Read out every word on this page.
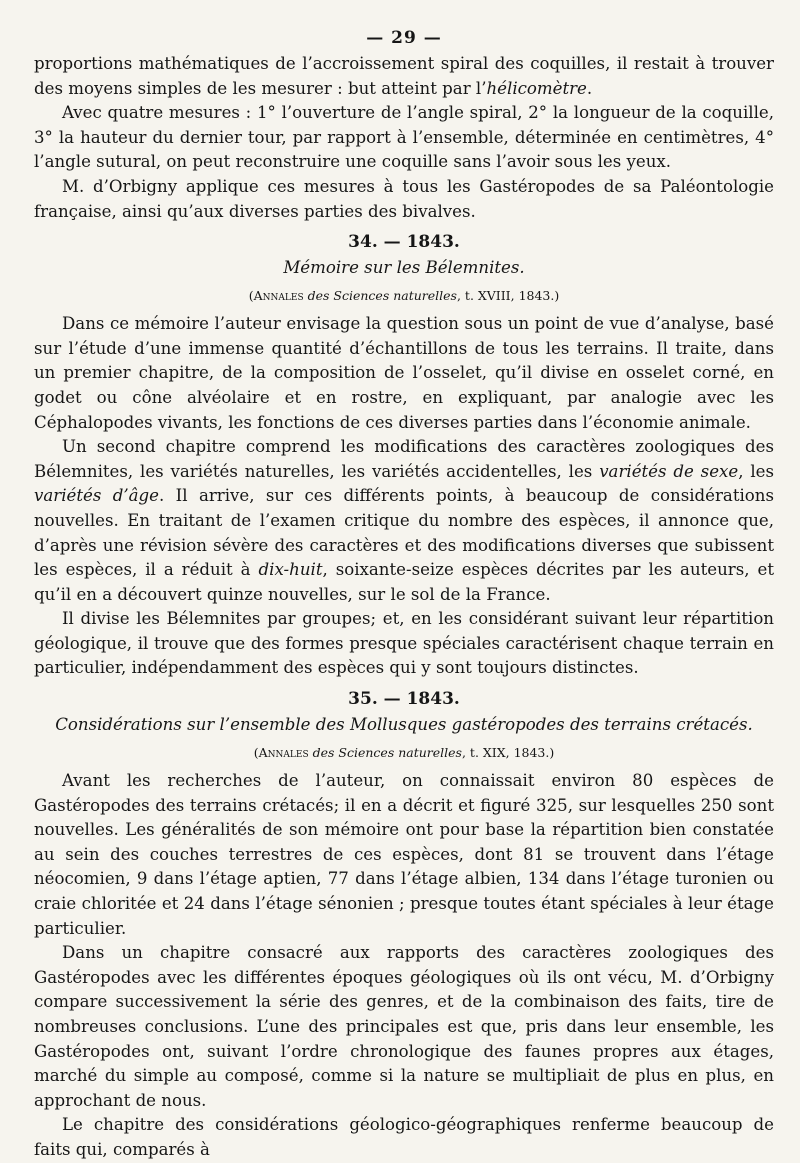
— 29 —

proportions mathématiques de l’accroissement spiral des coquilles, il restait à trouver des moyens simples de les mesurer : but atteint par l’hélicomètre.

Avec quatre mesures : 1° l’ouverture de l’angle spiral, 2° la longueur de la coquille, 3° la hauteur du dernier tour, par rapport à l’ensemble, déterminée en centimètres, 4° l’angle sutural, on peut reconstruire une coquille sans l’avoir sous les yeux.

M. d’Orbigny applique ces mesures à tous les Gastéropodes de sa Paléontologie française, ainsi qu’aux diverses parties des bivalves.

34. — 1843.
Mémoire sur les Bélemnites.
(Annales des Sciences naturelles, t. XVIII, 1843.)

Dans ce mémoire l’auteur envisage la question sous un point de vue d’analyse, basé sur l’étude d’une immense quantité d’échantillons de tous les terrains. Il traite, dans un premier chapitre, de la composition de l’osselet, qu’il divise en osselet corné, en godet ou cône alvéolaire et en rostre, en expliquant, par analogie avec les Céphalopodes vivants, les fonctions de ces diverses parties dans l’économie animale.

Un second chapitre comprend les modifications des caractères zoologiques des Bélemnites, les variétés naturelles, les variétés accidentelles, les variétés de sexe, les variétés d’âge. Il arrive, sur ces différents points, à beaucoup de considérations nouvelles. En traitant de l’examen critique du nombre des espèces, il annonce que, d’après une révision sévère des caractères et des modifications diverses que subissent les espèces, il a réduit à dix-huit, soixante-seize espèces décrites par les auteurs, et qu’il en a découvert quinze nouvelles, sur le sol de la France.

Il divise les Bélemnites par groupes; et, en les considérant suivant leur répartition géologique, il trouve que des formes presque spéciales caractérisent chaque terrain en particulier, indépendamment des espèces qui y sont toujours distinctes.

35. — 1843.
Considérations sur l’ensemble des Mollusques gastéropodes des terrains crétacés.
(Annales des Sciences naturelles, t. XIX, 1843.)

Avant les recherches de l’auteur, on connaissait environ 80 espèces de Gastéropodes des terrains crétacés; il en a décrit et figuré 325, sur lesquelles 250 sont nouvelles. Les généralités de son mémoire ont pour base la répartition bien constatée au sein des couches terrestres de ces espèces, dont 81 se trouvent dans l’étage néocomien, 9 dans l’étage aptien, 77 dans l’étage albien, 134 dans l’étage turonien ou craie chloritée et 24 dans l’étage sénonien ; presque toutes étant spéciales à leur étage particulier.

Dans un chapitre consacré aux rapports des caractères zoologiques des Gastéropodes avec les différentes époques géologiques où ils ont vécu, M. d’Orbigny compare successivement la série des genres, et de la combinaison des faits, tire de nombreuses conclusions. L’une des principales est que, pris dans leur ensemble, les Gastéropodes ont, suivant l’ordre chronologique des faunes propres aux étages, marché du simple au composé, comme si la nature se multipliait de plus en plus, en approchant de nous.

Le chapitre des considérations géologico-géographiques renferme beaucoup de faits qui, comparés à
